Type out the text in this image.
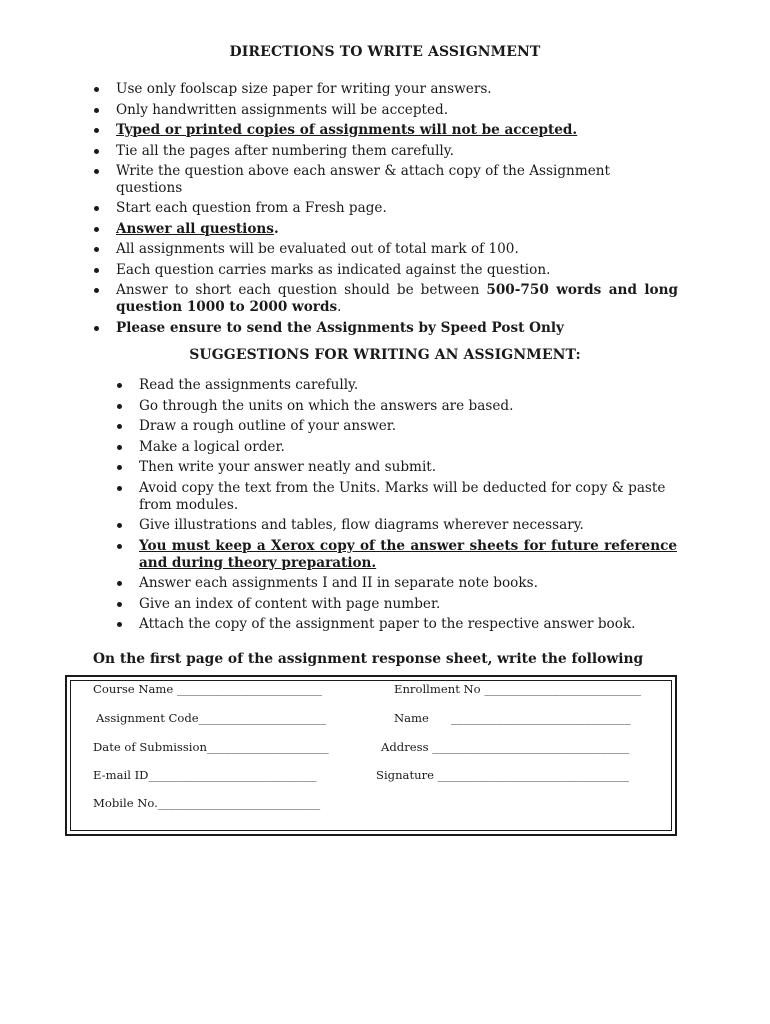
DIRECTIONS TO WRITE ASSIGNMENT
Use only foolscap size paper for writing your answers.
Only handwritten assignments will be accepted.
Typed or printed copies of assignments will not be accepted.
Tie all the pages after numbering them carefully.
Write the question above each answer & attach copy of the Assignment questions
Start each question from a Fresh page.
Answer all questions.
All assignments will be evaluated out of total mark of 100.
Each question carries marks as indicated against the question.
Answer to short each question should be between 500-750 words and long question 1000 to 2000 words.
Please ensure to send the Assignments by Speed Post Only
SUGGESTIONS FOR WRITING AN ASSIGNMENT:
Read the assignments carefully.
Go through the units on which the answers are based.
Draw a rough outline of your answer.
Make a logical order.
Then write your answer neatly and submit.
Avoid copy the text from the Units. Marks will be deducted for copy & paste from modules.
Give illustrations and tables, flow diagrams wherever necessary.
You must keep a Xerox copy of the answer sheets for future reference and during theory preparation.
Answer each assignments I and II in separate note books.
Give an index of content with page number.
Attach the copy of the assignment paper to the respective answer book.
On the first page of the assignment response sheet, write the following
Course Name _________________________	Enrollment No ___________________________
Assignment Code______________________	Name      _______________________________
Date of Submission_____________________	Address __________________________________
E-mail ID_____________________________	Signature _________________________________
Mobile No.____________________________
